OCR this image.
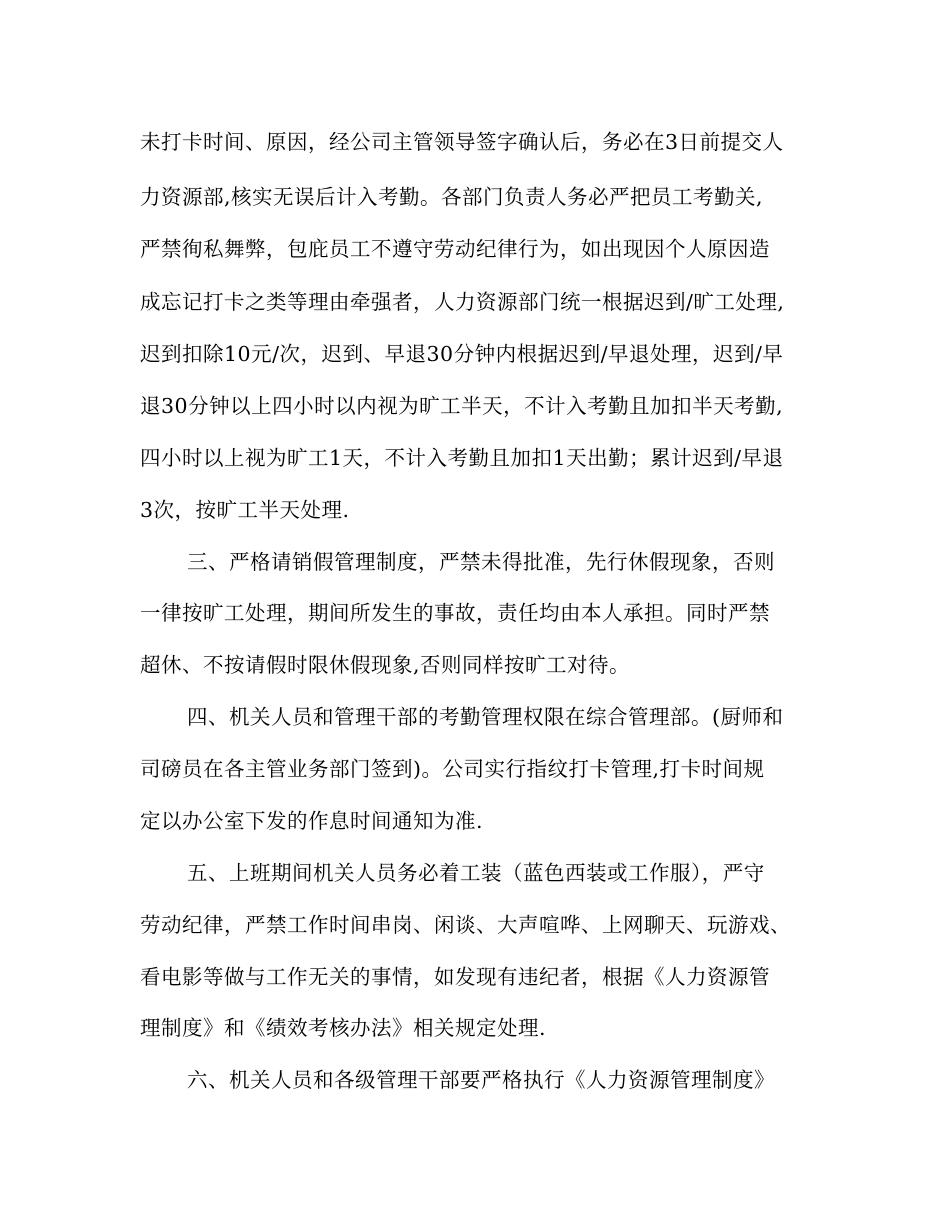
未打卡时间、原因，经公司主管领导签字确认后，务必在3日前提交人
力资源部,核实无误后计入考勤。各部门负责人务必严把员工考勤关,
严禁徇私舞弊，包庇员工不遵守劳动纪律行为，如出现因个人原因造
成忘记打卡之类等理由牵强者，人力资源部门统一根据迟到/旷工处理,
迟到扣除10元/次，迟到、早退30分钟内根据迟到/早退处理，迟到/早
退30分钟以上四小时以内视为旷工半天，不计入考勤且加扣半天考勤,
四小时以上视为旷工1天，不计入考勤且加扣1天出勤；累计迟到/早退
3次，按旷工半天处理.
三、严格请销假管理制度，严禁未得批准，先行休假现象，否则
一律按旷工处理，期间所发生的事故，责任均由本人承担。同时严禁
超休、不按请假时限休假现象,否则同样按旷工对待。
四、机关人员和管理干部的考勤管理权限在综合管理部。(厨师和
司磅员在各主管业务部门签到)。公司实行指纹打卡管理,打卡时间规
定以办公室下发的作息时间通知为准.
五、上班期间机关人员务必着工装（蓝色西装或工作服），严守
劳动纪律，严禁工作时间串岗、闲谈、大声喧哗、上网聊天、玩游戏、
看电影等做与工作无关的事情，如发现有违纪者，根据《人力资源管
理制度》和《绩效考核办法》相关规定处理.
六、机关人员和各级管理干部要严格执行《人力资源管理制度》
